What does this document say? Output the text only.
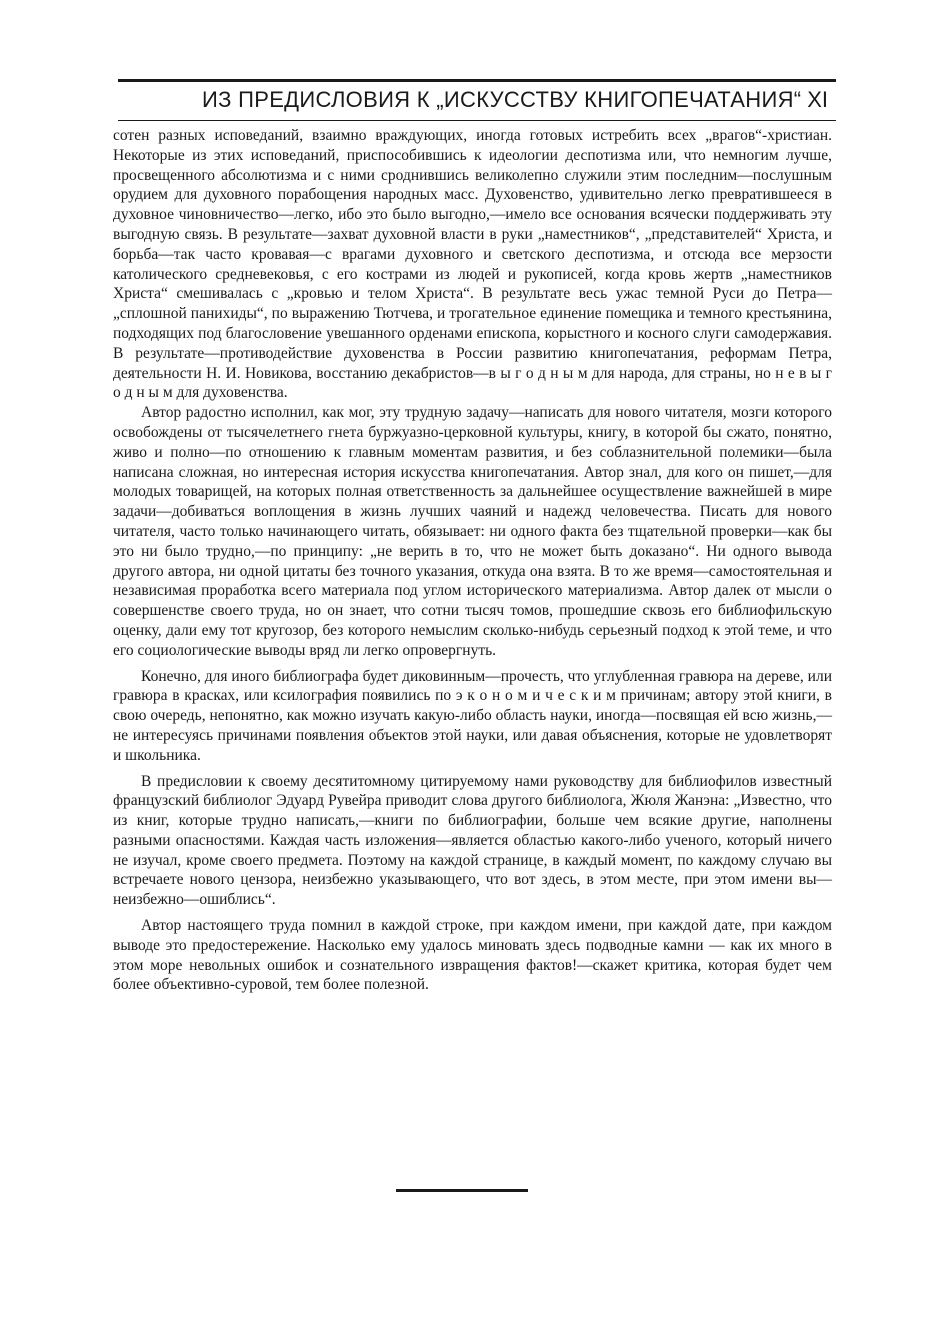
ИЗ ПРЕДИСЛОВИЯ К „ИСКУССТВУ КНИГОПЕЧАТАНИЯ“ XI

сотен разных исповеданий, взаимно враждующих, иногда готовых истребить всех „врагов“-христиан. Некоторые из этих исповеданий, приспособившись к идеологии деспотизма или, что немногим лучше, просвещенного абсолютизма и с ними сроднившись великолепно служили этим последним—послушным орудием для духовного порабощения народных масс. Духовенство, удивительно легко превратившееся в духовное чиновничество—легко, ибо это было выгодно,—имело все основания всячески поддерживать эту выгодную связь. В результате—захват духовной власти в руки „наместников“, „представителей“ Христа, и борьба—так часто кровавая—с врагами духовного и светского деспотизма, и отсюда все мерзости католического средневековья, с его кострами из людей и рукописей, когда кровь жертв „наместников Христа“ смешивалась с „кровью и телом Христа“. В результате весь ужас темной Руси до Петра—„сплошной панихиды“, по выражению Тютчева, и трогательное единение помещика и темного крестьянина, подходящих под благословение увешанного орденами епископа, корыстного и косного слуги самодержавия. В результате—противодействие духовенства в России развитию книгопечатания, реформам Петра, деятельности Н. И. Новикова, восстанию декабристов—в ы г о д н ы м для народа, для страны, но н е в ы г о д н ы м для духовенства.

Автор радостно исполнил, как мог, эту трудную задачу—написать для нового читателя, мозги которого освобождены от тысячелетнего гнета буржуазно-церковной культуры, книгу, в которой бы сжато, понятно, живо и полно—по отношению к главным моментам развития, и без соблазнительной полемики—была написана сложная, но интересная история искусства книгопечатания. Автор знал, для кого он пишет,—для молодых товарищей, на которых полная ответственность за дальнейшее осуществление важнейшей в мире задачи—добиваться воплощения в жизнь лучших чаяний и надежд человечества. Писать для нового читателя, часто только начинающего читать, обязывает: ни одного факта без тщательной проверки—как бы это ни было трудно,—по принципу: „не верить в то, что не может быть доказано“. Ни одного вывода другого автора, ни одной цитаты без точного указания, откуда она взята. В то же время—самостоятельная и независимая проработка всего материала под углом исторического материализма. Автор далек от мысли о совершенстве своего труда, но он знает, что сотни тысяч томов, прошедшие сквозь его библиофильскую оценку, дали ему тот кругозор, без которого немыслим сколько-нибудь серьезный подход к этой теме, и что его социологические выводы вряд ли легко опровергнуть.

Конечно, для иного библиографа будет диковинным—прочесть, что углубленная гравюра на дереве, или гравюра в красках, или ксилография появились по э к о н о м и ч е с к и м причинам; автору этой книги, в свою очередь, непонятно, как можно изучать какую-либо область науки, иногда—посвящая ей всю жизнь,—не интересуясь причинами появления объектов этой науки, или давая объяснения, которые не удовлетворят и школьника.

В предисловии к своему десятитомному цитируемому нами руководству для библиофилов известный французский библиолог Эдуард Рувейра приводит слова другого библиолога, Жюля Жанэна: „Известно, что из книг, которые трудно написать,—книги по библиографии, больше чем всякие другие, наполнены разными опасностями. Каждая часть изложения—является областью какого-либо ученого, который ничего не изучал, кроме своего предмета. Поэтому на каждой странице, в каждый момент, по каждому случаю вы встречаете нового цензора, неизбежно указывающего, что вот здесь, в этом месте, при этом имени вы—неизбежно—ошиблись“.

Автор настоящего труда помнил в каждой строке, при каждом имени, при каждой дате, при каждом выводе это предостережение. Насколько ему удалось миновать здесь подводные камни — как их много в этом море невольных ошибок и сознательного извращения фактов!—скажет критика, которая будет чем более объективно-суровой, тем более полезной.
